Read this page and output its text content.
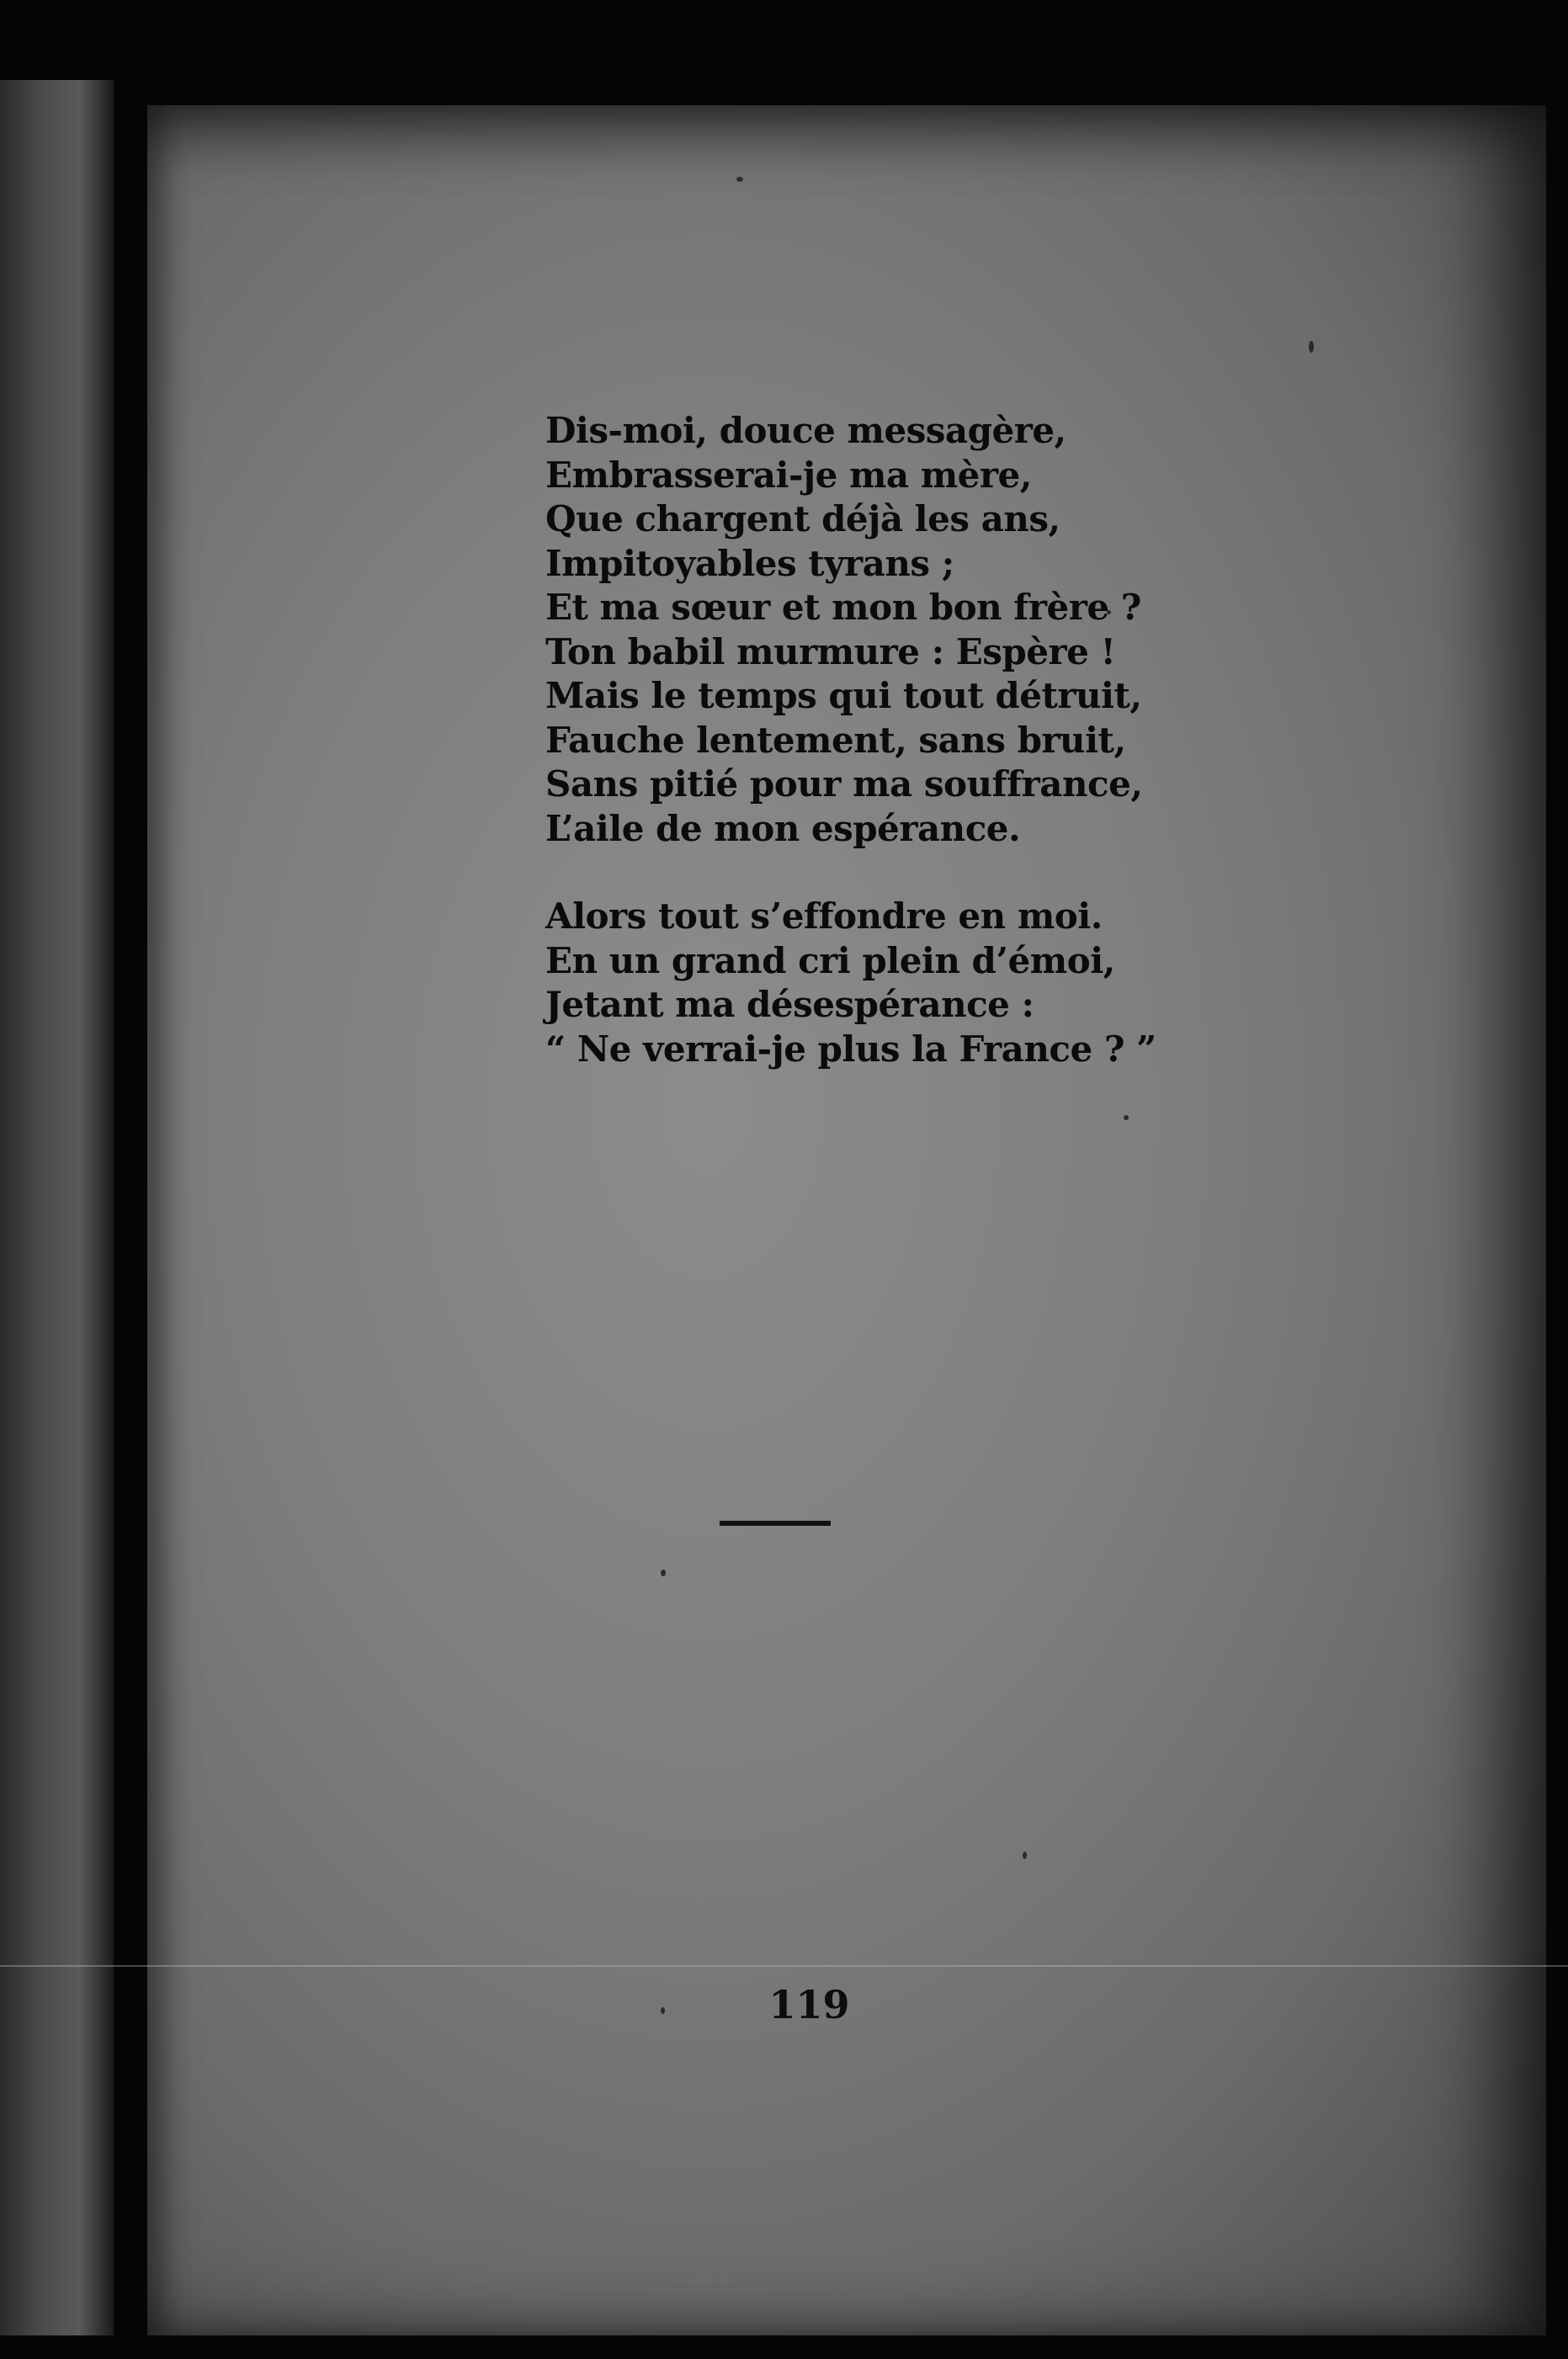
Dis-moi, douce messagère,
Embrasserai-je ma mère,
Que chargent déjà les ans,
Impitoyables tyrans ;
Et ma sœur et mon bon frère ?
Ton babil murmure : Espère !
Mais le temps qui tout détruit,
Fauche lentement, sans bruit,
Sans pitié pour ma souffrance,
L’aile de mon espérance.
Alors tout s’effondre en moi.
En un grand cri plein d’émoi,
Jetant ma désespérance :
“ Ne verrai-je plus la France ? ”
119
